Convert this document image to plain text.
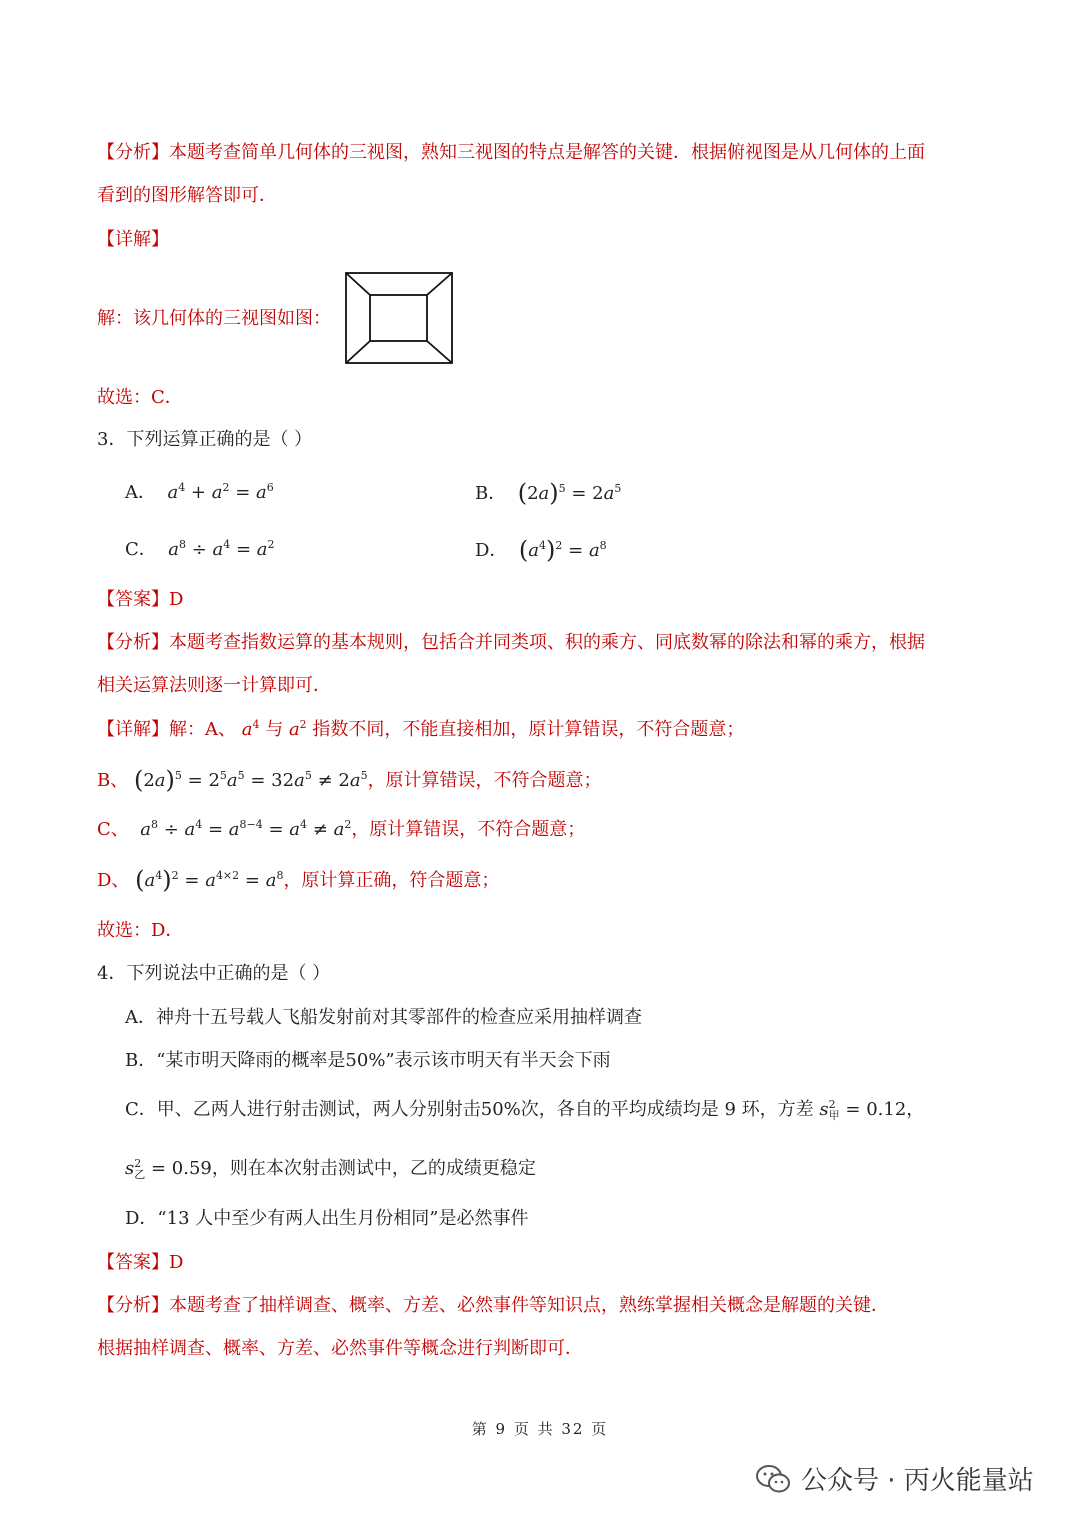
【分析】本题考查简单几何体的三视图，熟知三视图的特点是解答的关键．根据俯视图是从几何体的上面
看到的图形解答即可．
【详解】
解：该几何体的三视图如图：
故选：C．
3．下列运算正确的是（ ）
A．  $a^4 + a^2 = a^6$	B． $(2a)^5 = 2a^5$
C．  $a^8 \div a^4 = a^2$	D． $(a^4)^2 = a^8$
【答案】D
【分析】本题考查指数运算的基本规则，包括合并同类项、积的乘方、同底数幂的除法和幂的乘方，根据
相关运算法则逐一计算即可．
【详解】解：A、 $a^4$ 与 $a^2$ 指数不同，不能直接相加，原计算错误，不符合题意；
B、 $(2a)^5 = 2^5a^5 = 32a^5 \ne 2a^5$，原计算错误，不符合题意；
C、  $a^8 \div a^4 = a^{8-4} = a^4 \ne a^2$，原计算错误，不符合题意；
D、 $(a^4)^2 = a^{4\times 2} = a^8$，原计算正确，符合题意；
故选：D．
4．下列说法中正确的是（ ）
A．神舟十五号载人飞船发射前对其零部件的检查应采用抽样调查
B．“某市明天降雨的概率是50%”表示该市明天有半天会下雨
C．甲、乙两人进行射击测试，两人分别射击50%次，各自的平均成绩均是 9 环，方差 $s^2_甲 = 0.12$，
$s^2_乙 = 0.59$，则在本次射击测试中，乙的成绩更稳定
D．“13 人中至少有两人出生月份相同”是必然事件
【答案】D
【分析】本题考查了抽样调查、概率、方差、必然事件等知识点，熟练掌握相关概念是解题的关键．
根据抽样调查、概率、方差、必然事件等概念进行判断即可．
第 9 页 共 32 页
公众号 · 丙火能量站
